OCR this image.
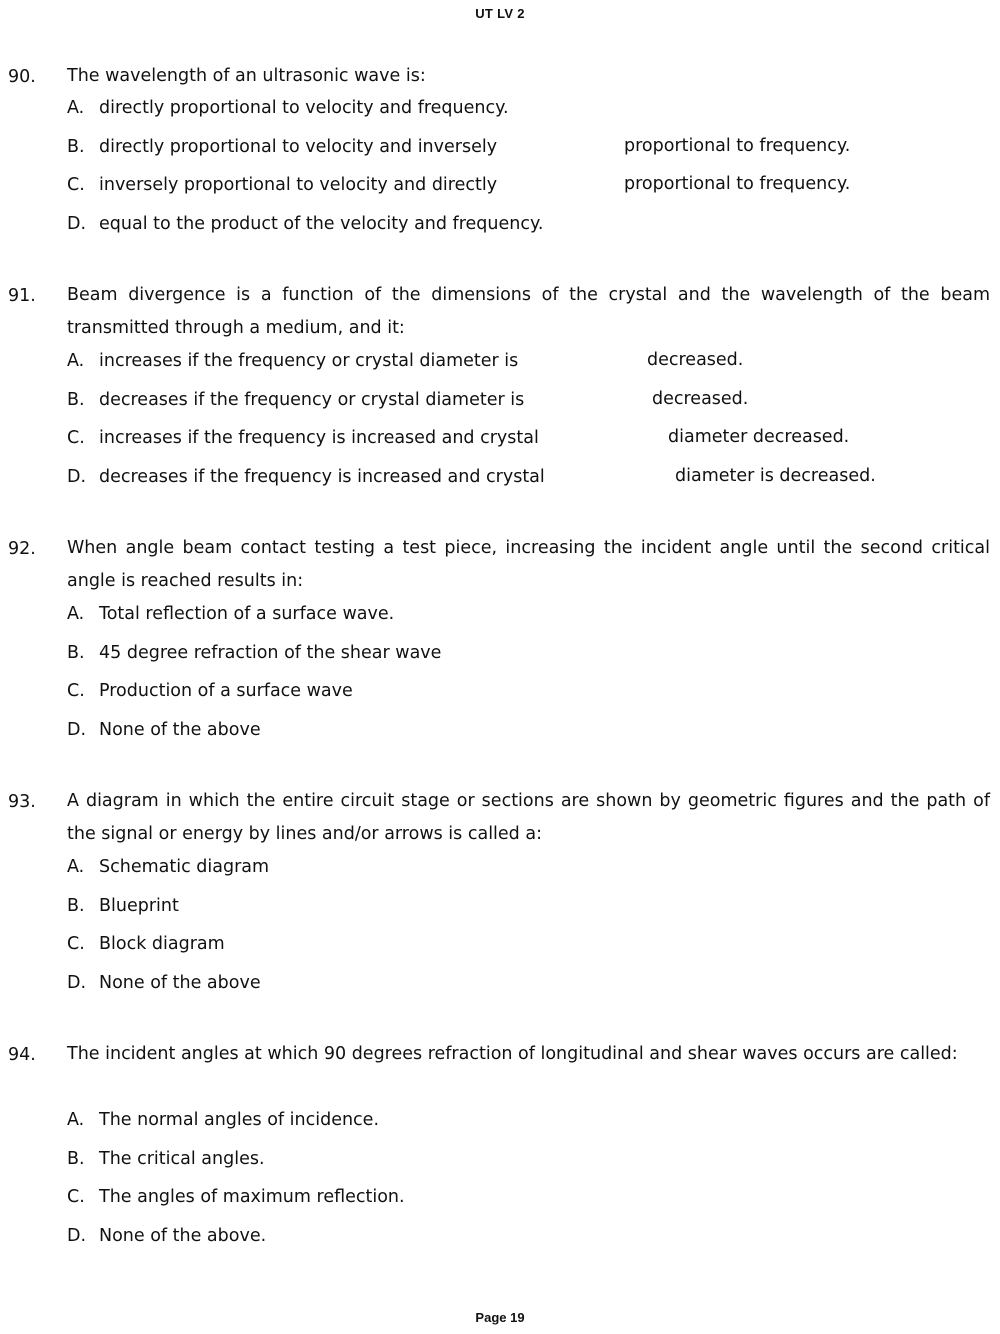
UT LV 2
90. The wavelength of an ultrasonic wave is:
A. directly proportional to velocity and frequency.
B. directly proportional to velocity and inversely	proportional to frequency.
C. inversely proportional to velocity and directly	proportional to frequency.
D. equal to the product of the velocity and frequency.
91. Beam divergence is a function of the dimensions of the crystal and the wavelength of the beam transmitted through a medium, and it:
A. increases if the frequency or crystal diameter is	decreased.
B. decreases if the frequency or crystal diameter is	decreased.
C. increases if the frequency is increased and crystal	diameter decreased.
D. decreases if the frequency is increased and crystal	diameter is decreased.
92. When angle beam contact testing a test piece, increasing the incident angle until the second critical angle is reached results in:
A. Total reflection of a surface wave.
B. 45 degree refraction of the shear wave
C. Production of a surface wave
D. None of the above
93. A diagram in which the entire circuit stage or sections are shown by geometric figures and the path of the signal or energy by lines and/or arrows is called a:
A. Schematic diagram
B. Blueprint
C. Block diagram
D. None of the above
94. The incident angles at which 90 degrees refraction of longitudinal and shear waves occurs are called:
A. The normal angles of incidence.
B. The critical angles.
C. The angles of maximum reflection.
D. None of the above.
Page 19
